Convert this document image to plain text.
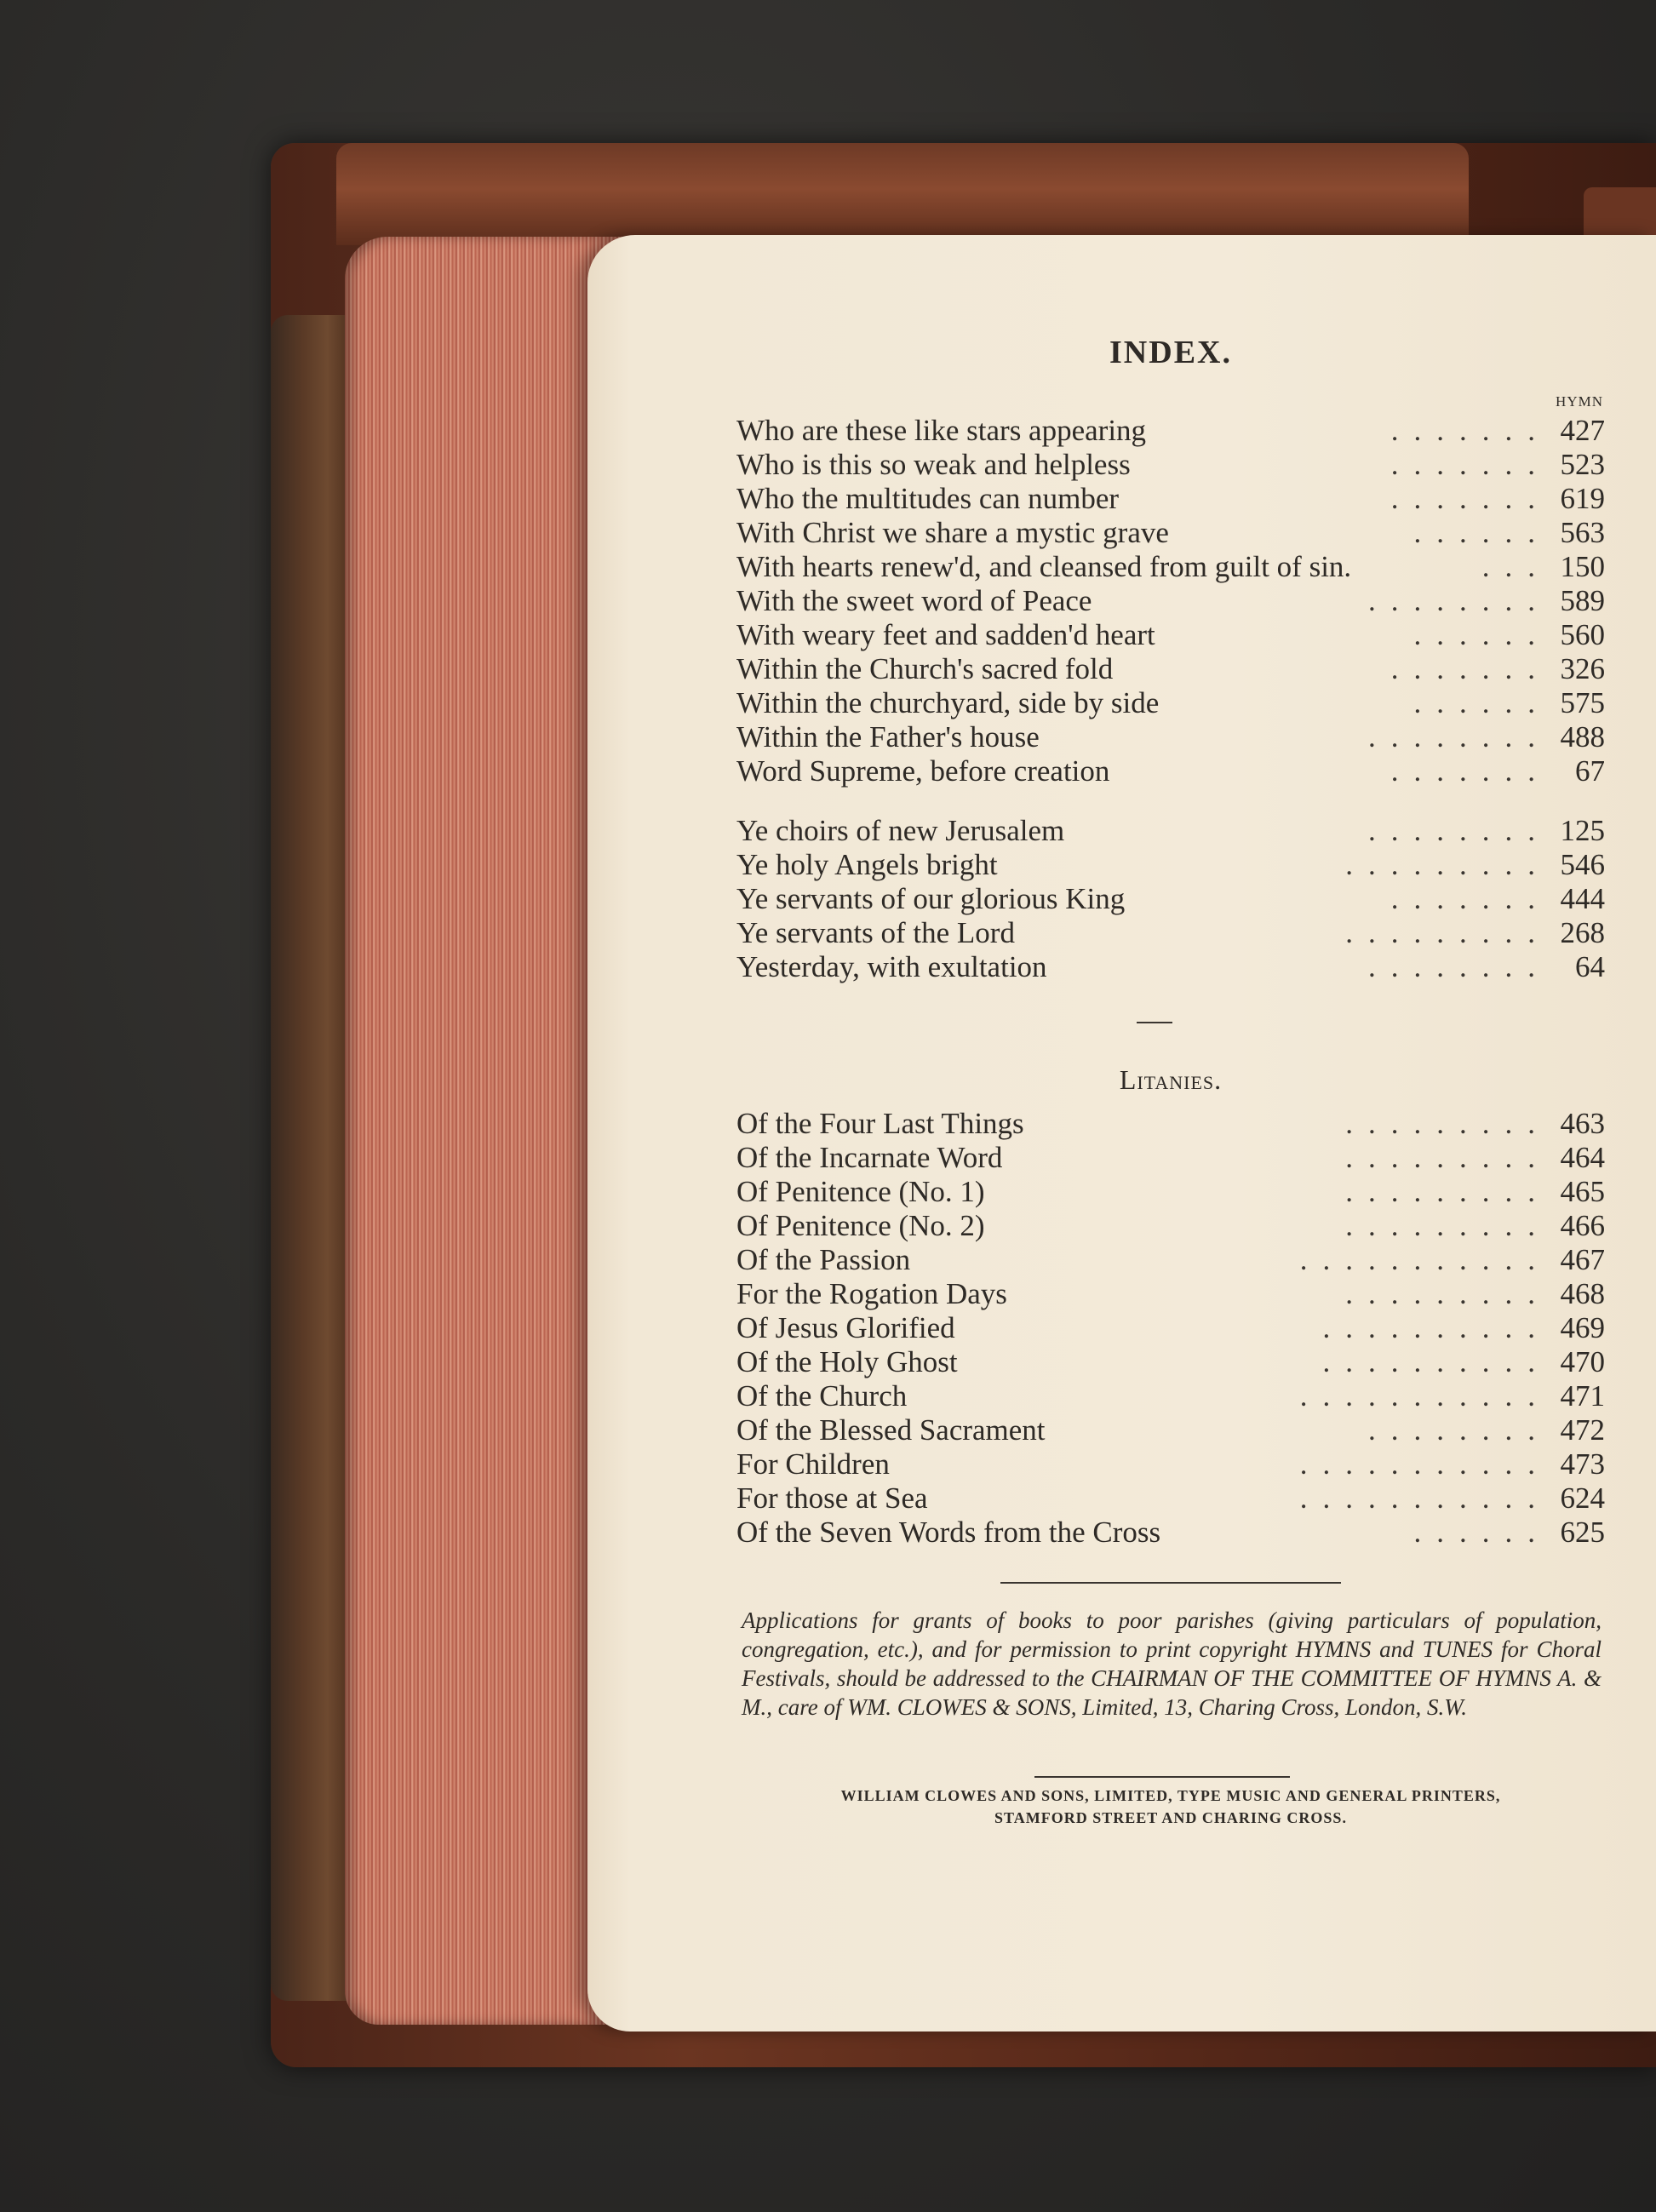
INDEX.
HYMN
.......
Who are these like stars appearing	427
.......
Who is this so weak and helpless	523
.......
Who the multitudes can number	619
......
With Christ we share a mystic grave	563
...
With hearts renew'd, and cleansed from guilt of sin.	150
........
With the sweet word of Peace	589
......
With weary feet and sadden'd heart	560
.......
Within the Church's sacred fold	326
......
Within the churchyard, side by side	575
........
Within the Father's house	488
.......
Word Supreme, before creation	67
........
Ye choirs of new Jerusalem	125
.........
Ye holy Angels bright	546
.......
Ye servants of our glorious King	444
.........
Ye servants of the Lord	268
........
Yesterday, with exultation	64
Litanies.
.........
Of the Four Last Things	463
.........
Of the Incarnate Word	464
.........
Of Penitence (No. 1)	465
.........
Of Penitence (No. 2)	466
...........
Of the Passion	467
.........
For the Rogation Days	468
..........
Of Jesus Glorified	469
..........
Of the Holy Ghost	470
...........
Of the Church	471
........
Of the Blessed Sacrament	472
...........
For Children	473
...........
For those at Sea	624
......
Of the Seven Words from the Cross	625
Applications for grants of books to poor parishes (giving particulars of population, congregation, etc.), and for permission to print copyright HYMNS and TUNES for Choral Festivals, should be addressed to the CHAIRMAN OF THE COMMITTEE OF HYMNS A. & M., care of WM. CLOWES & SONS, Limited, 13, Charing Cross, London, S.W.
WILLIAM CLOWES AND SONS, LIMITED, TYPE MUSIC AND GENERAL PRINTERS,
STAMFORD STREET AND CHARING CROSS.
